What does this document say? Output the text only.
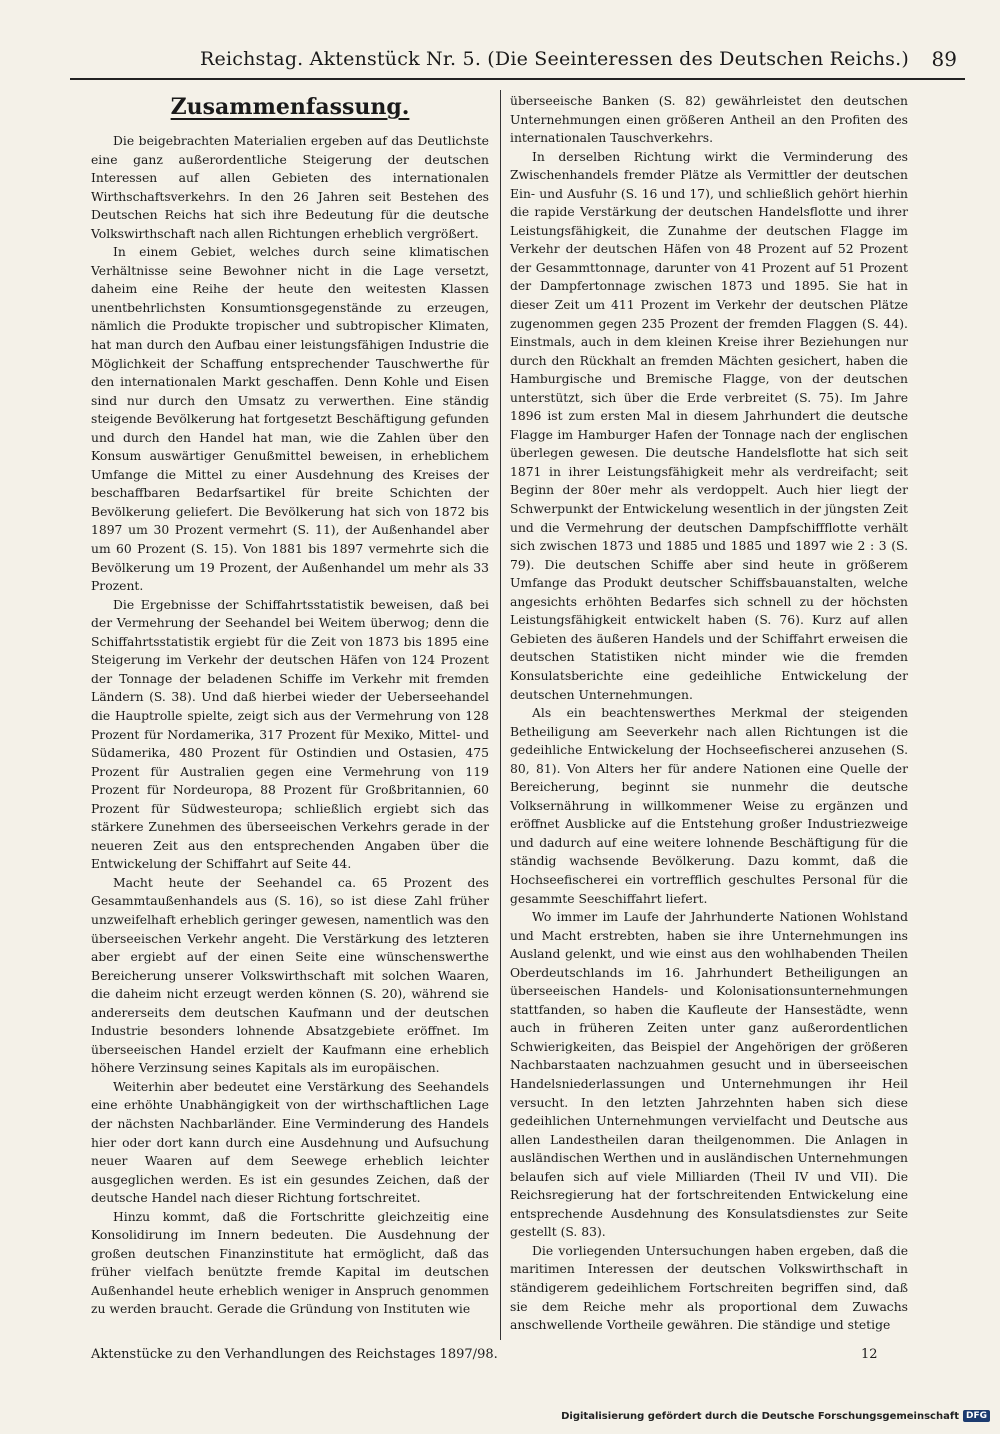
Reichstag. Aktenstück Nr. 5. (Die Seeinteressen des Deutschen Reichs.) 89
Zusammenfassung.

Die beigebrachten Materialien ergeben auf das Deutlichste eine ganz außerordentliche Steigerung der deutschen Interessen auf allen Gebieten des internationalen Wirthschaftsverkehrs. In den 26 Jahren seit Bestehen des Deutschen Reichs hat sich ihre Bedeutung für die deutsche Volkswirthschaft nach allen Richtungen erheblich vergrößert.

In einem Gebiet, welches durch seine klimatischen Verhältnisse seine Bewohner nicht in die Lage versetzt, daheim eine Reihe der heute den weitesten Klassen unentbehrlichsten Konsumtionsgegenstände zu erzeugen, nämlich die Produkte tropischer und subtropischer Klimaten, hat man durch den Aufbau einer leistungsfähigen Industrie die Möglichkeit der Schaffung entsprechender Tauschwerthe für den internationalen Markt geschaffen. Denn Kohle und Eisen sind nur durch den Umsatz zu verwerthen. Eine ständig steigende Bevölkerung hat fortgesetzt Beschäftigung gefunden und durch den Handel hat man, wie die Zahlen über den Konsum auswärtiger Genußmittel beweisen, in erheblichem Umfange die Mittel zu einer Ausdehnung des Kreises der beschaffbaren Bedarfsartikel für breite Schichten der Bevölkerung geliefert. Die Bevölkerung hat sich von 1872 bis 1897 um 30 Prozent vermehrt (S. 11), der Außenhandel aber um 60 Prozent (S. 15). Von 1881 bis 1897 vermehrte sich die Bevölkerung um 19 Prozent, der Außenhandel um mehr als 33 Prozent.

Die Ergebnisse der Schiffahrtsstatistik beweisen, daß bei der Vermehrung der Seehandel bei Weitem überwog; denn die Schiffahrtsstatistik ergiebt für die Zeit von 1873 bis 1895 eine Steigerung im Verkehr der deutschen Häfen von 124 Prozent der Tonnage der beladenen Schiffe im Verkehr mit fremden Ländern (S. 38). Und daß hierbei wieder der Ueberseehandel die Hauptrolle spielte, zeigt sich aus der Vermehrung von 128 Prozent für Nordamerika, 317 Prozent für Mexiko, Mittel- und Südamerika, 480 Prozent für Ostindien und Ostasien, 475 Prozent für Australien gegen eine Vermehrung von 119 Prozent für Nordeuropa, 88 Prozent für Großbritannien, 60 Prozent für Südwesteuropa; schließlich ergiebt sich das stärkere Zunehmen des überseeischen Verkehrs gerade in der neueren Zeit aus den entsprechenden Angaben über die Entwickelung der Schiffahrt auf Seite 44.

Macht heute der Seehandel ca. 65 Prozent des Gesammtaußenhandels aus (S. 16), so ist diese Zahl früher unzweifelhaft erheblich geringer gewesen, namentlich was den überseeischen Verkehr angeht. Die Verstärkung des letzteren aber ergiebt auf der einen Seite eine wünschenswerthe Bereicherung unserer Volkswirthschaft mit solchen Waaren, die daheim nicht erzeugt werden können (S. 20), während sie andererseits dem deutschen Kaufmann und der deutschen Industrie besonders lohnende Absatzgebiete eröffnet. Im überseeischen Handel erzielt der Kaufmann eine erheblich höhere Verzinsung seines Kapitals als im europäischen.

Weiterhin aber bedeutet eine Verstärkung des Seehandels eine erhöhte Unabhängigkeit von der wirthschaftlichen Lage der nächsten Nachbarländer. Eine Verminderung des Handels hier oder dort kann durch eine Ausdehnung und Aufsuchung neuer Waaren auf dem Seewege erheblich leichter ausgeglichen werden. Es ist ein gesundes Zeichen, daß der deutsche Handel nach dieser Richtung fortschreitet.

Hinzu kommt, daß die Fortschritte gleichzeitig eine Konsolidirung im Innern bedeuten. Die Ausdehnung der großen deutschen Finanzinstitute hat ermöglicht, daß das früher vielfach benützte fremde Kapital im deutschen Außenhandel heute erheblich weniger in Anspruch genommen zu werden braucht. Gerade die Gründung von Instituten wie

überseeische Banken (S. 82) gewährleistet den deutschen Unternehmungen einen größeren Antheil an den Profiten des internationalen Tauschverkehrs.

In derselben Richtung wirkt die Verminderung des Zwischenhandels fremder Plätze als Vermittler der deutschen Ein- und Ausfuhr (S. 16 und 17), und schließlich gehört hierhin die rapide Verstärkung der deutschen Handelsflotte und ihrer Leistungsfähigkeit, die Zunahme der deutschen Flagge im Verkehr der deutschen Häfen von 48 Prozent auf 52 Prozent der Gesammttonnage, darunter von 41 Prozent auf 51 Prozent der Dampfertonnage zwischen 1873 und 1895. Sie hat in dieser Zeit um 411 Prozent im Verkehr der deutschen Plätze zugenommen gegen 235 Prozent der fremden Flaggen (S. 44). Einstmals, auch in dem kleinen Kreise ihrer Beziehungen nur durch den Rückhalt an fremden Mächten gesichert, haben die Hamburgische und Bremische Flagge, von der deutschen unterstützt, sich über die Erde verbreitet (S. 75). Im Jahre 1896 ist zum ersten Mal in diesem Jahrhundert die deutsche Flagge im Hamburger Hafen der Tonnage nach der englischen überlegen gewesen. Die deutsche Handelsflotte hat sich seit 1871 in ihrer Leistungsfähigkeit mehr als verdreifacht; seit Beginn der 80er mehr als verdoppelt. Auch hier liegt der Schwerpunkt der Entwickelung wesentlich in der jüngsten Zeit und die Vermehrung der deutschen Dampfschiffflotte verhält sich zwischen 1873 und 1885 und 1885 und 1897 wie 2 : 3 (S. 79). Die deutschen Schiffe aber sind heute in größerem Umfange das Produkt deutscher Schiffsbauanstalten, welche angesichts erhöhten Bedarfes sich schnell zu der höchsten Leistungsfähigkeit entwickelt haben (S. 76). Kurz auf allen Gebieten des äußeren Handels und der Schiffahrt erweisen die deutschen Statistiken nicht minder wie die fremden Konsulatsberichte eine gedeihliche Entwickelung der deutschen Unternehmungen.

Als ein beachtenswerthes Merkmal der steigenden Betheiligung am Seeverkehr nach allen Richtungen ist die gedeihliche Entwickelung der Hochseefischerei anzusehen (S. 80, 81). Von Alters her für andere Nationen eine Quelle der Bereicherung, beginnt sie nunmehr die deutsche Volksernährung in willkommener Weise zu ergänzen und eröffnet Ausblicke auf die Entstehung großer Industriezweige und dadurch auf eine weitere lohnende Beschäftigung für die ständig wachsende Bevölkerung. Dazu kommt, daß die Hochseefischerei ein vortrefflich geschultes Personal für die gesammte Seeschiffahrt liefert.

Wo immer im Laufe der Jahrhunderte Nationen Wohlstand und Macht erstrebten, haben sie ihre Unternehmungen ins Ausland gelenkt, und wie einst aus den wohlhabenden Theilen Oberdeutschlands im 16. Jahrhundert Betheiligungen an überseeischen Handels- und Kolonisationsunternehmungen stattfanden, so haben die Kaufleute der Hansestädte, wenn auch in früheren Zeiten unter ganz außerordentlichen Schwierigkeiten, das Beispiel der Angehörigen der größeren Nachbarstaaten nachzuahmen gesucht und in überseeischen Handelsniederlassungen und Unternehmungen ihr Heil versucht. In den letzten Jahrzehnten haben sich diese gedeihlichen Unternehmungen vervielfacht und Deutsche aus allen Landestheilen daran theilgenommen. Die Anlagen in ausländischen Werthen und in ausländischen Unternehmungen belaufen sich auf viele Milliarden (Theil IV und VII). Die Reichsregierung hat der fortschreitenden Entwickelung eine entsprechende Ausdehnung des Konsulatsdienstes zur Seite gestellt (S. 83).

Die vorliegenden Untersuchungen haben ergeben, daß die maritimen Interessen der deutschen Volkswirthschaft in ständigerem gedeihlichem Fortschreiten begriffen sind, daß sie dem Reiche mehr als proportional dem Zuwachs anschwellende Vortheile gewähren. Die ständige und stetige

Aktenstücke zu den Verhandlungen des Reichstages 1897/98.	12
Digitalisierung gefördert durch die Deutsche Forschungsgemeinschaft DFG
